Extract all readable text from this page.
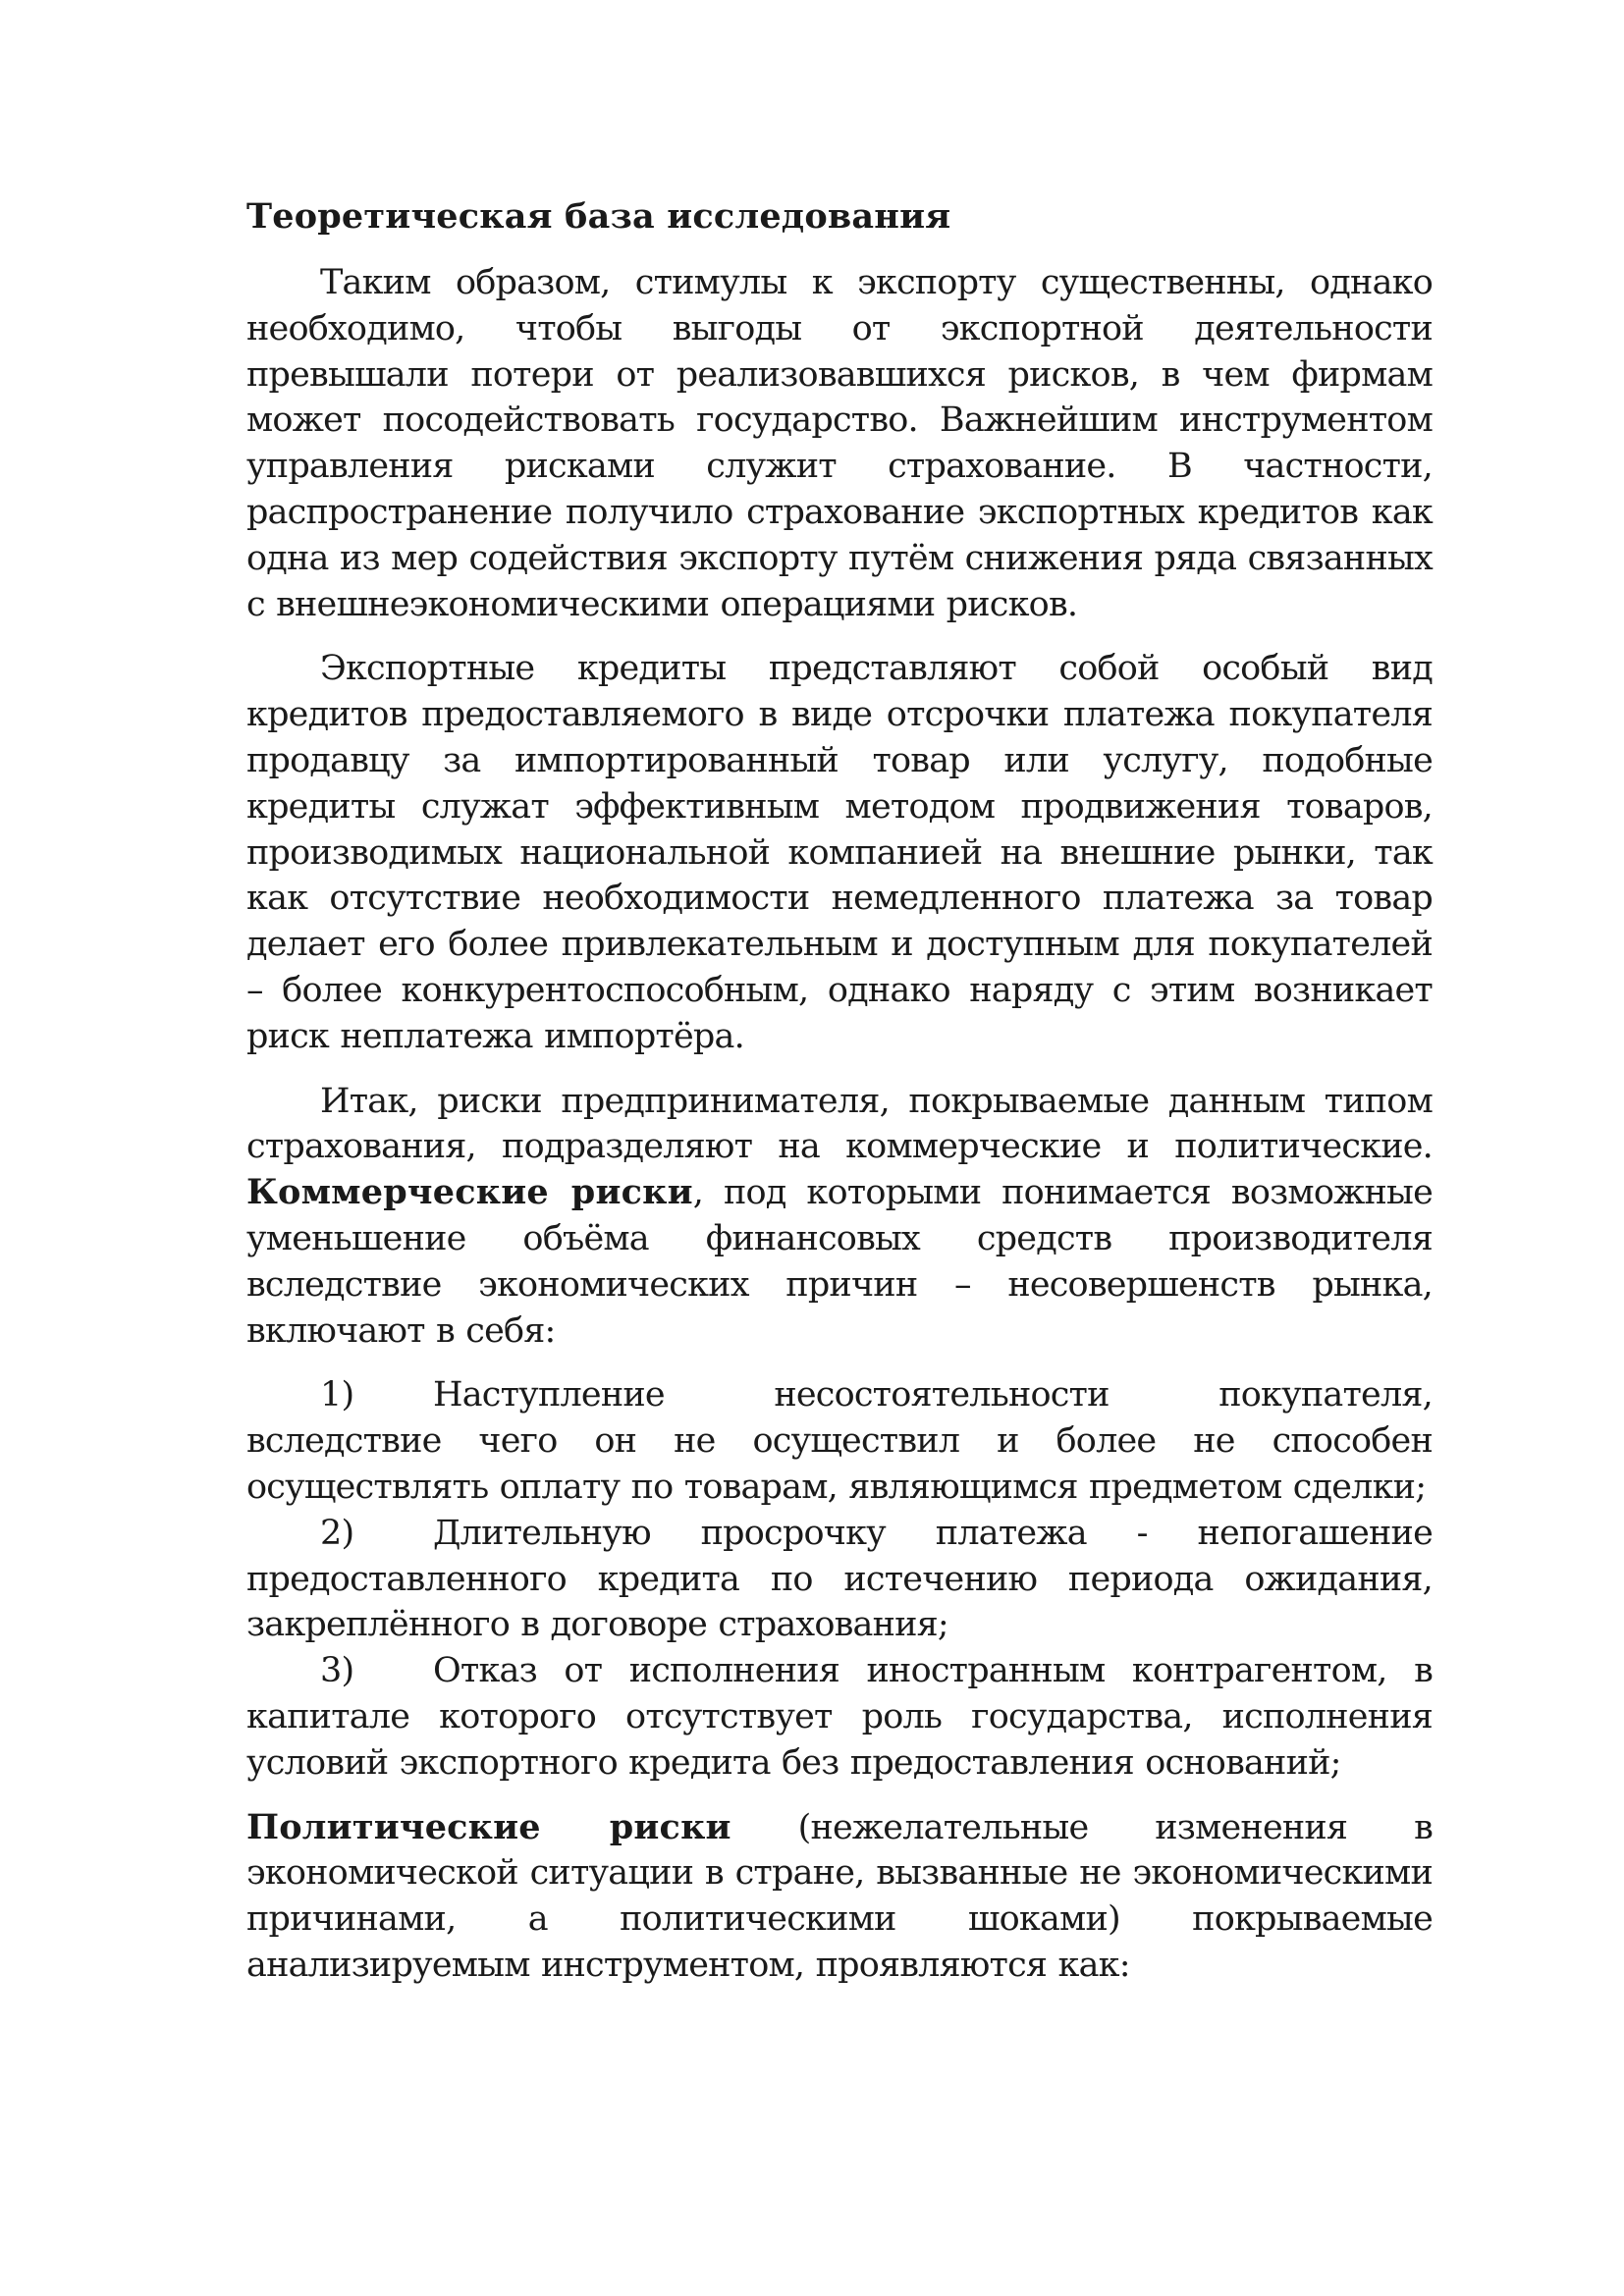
Теоретическая база исследования

Таким образом, стимулы к экспорту существенны, однако необходимо, чтобы выгоды от экспортной деятельности превышали потери от реализовавшихся рисков, в чем фирмам может посодействовать государство. Важнейшим инструментом управления рисками служит страхование. В частности, распространение получило страхование экспортных кредитов как одна из мер содействия экспорту путём снижения ряда связанных с внешнеэкономическими операциями рисков.

Экспортные кредиты представляют собой особый вид кредитов предоставляемого в виде отсрочки платежа покупателя продавцу за импортированный товар или услугу, подобные кредиты служат эффективным методом продвижения товаров, производимых национальной компанией на внешние рынки, так как отсутствие необходимости немедленного платежа за товар делает его более привлекательным и доступным для покупателей – более конкурентоспособным, однако наряду с этим возникает риск неплатежа импортёра.

Итак, риски предпринимателя, покрываемые данным типом страхования, подразделяют на коммерческие и политические. Коммерческие риски, под которыми понимается возможные уменьшение объёма финансовых средств производителя вследствие экономических причин – несовершенств рынка, включают в себя:

1) Наступление несостоятельности покупателя, вследствие чего он не осуществил и более не способен осуществлять оплату по товарам, являющимся предметом сделки;

2) Длительную просрочку платежа - непогашение предоставленного кредита по истечению периода ожидания, закреплённого в договоре страхования;

3) Отказ от исполнения иностранным контрагентом, в капитале которого отсутствует роль государства, исполнения условий экспортного кредита без предоставления оснований;

Политические риски (нежелательные изменения в экономической ситуации в стране, вызванные не экономическими причинами, а политическими шоками) покрываемые анализируемым инструментом, проявляются как:
